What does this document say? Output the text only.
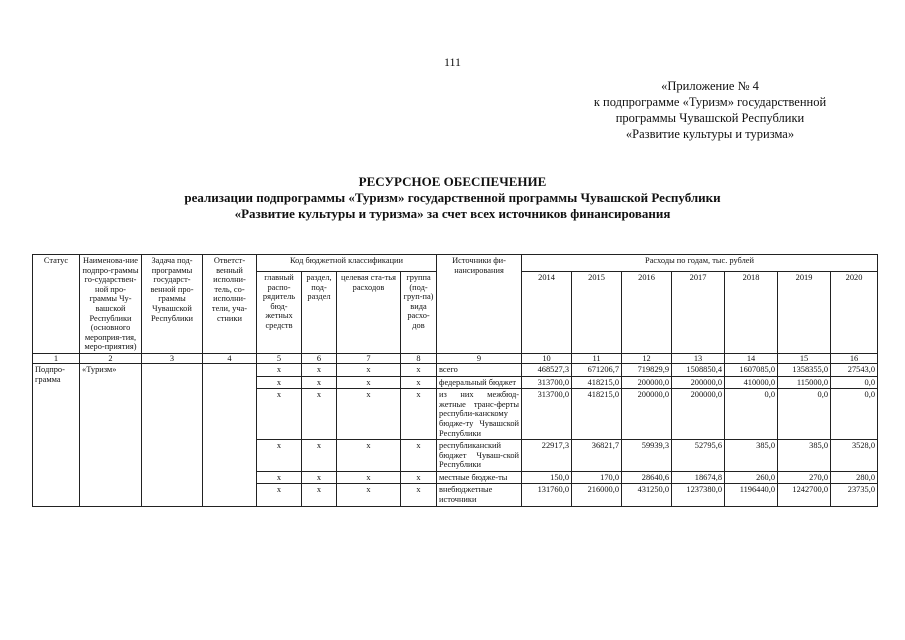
111
«Приложение № 4
к подпрограмме «Туризм» государственной
программы Чувашской Республики
«Развитие культуры и туризма»
РЕСУРСНОЕ ОБЕСПЕЧЕНИЕ
реализации подпрограммы «Туризм» государственной программы Чувашской Республики
«Развитие культуры и туризма» за счет всех источников финансирования
Статус	Наименова-ние подпро-граммы го-сударствен-ной про-граммы Чу-вашской Республики (основного мероприя-тия, меро-приятия)	Задача под-программы государст-венной про-граммы Чувашской Республики	Ответст-венный исполни-тель, со-исполни-тели, уча-стники	Код бюджетной классификации				Источники фи-нансирования	Расходы по годам, тыс. рублей						
				главный распо-рядитель бюд-жетных средств	раздел, под-раздел	целевая ста-тья расходов	группа (под-груп-па) вида расхо-дов		2014	2015	2016	2017	2018	2019	2020
1	2	3	4	5	6	7	8	9	10	11	12	13	14	15	16
Подпро-грамма	«Туризм»			х	х	х	х	всего	468527,3	671206,7	719829,9	1508850,4	1607085,0	1358355,0	27543,0
				х	х	х	х	федеральный бюджет	313700,0	418215,0	200000,0	200000,0	410000,0	115000,0	0,0
				х	х	х	х	из них межбюд-жетные транс-ферты республи-канскому бюдже-ту Чувашской Республики	313700,0	418215,0	200000,0	200000,0	0,0	0,0	0,0
				х	х	х	х	республиканский бюджет Чуваш-ской Республики	22917,3	36821,7	59939,3	52795,6	385,0	385,0	3528,0
				х	х	х	х	местные бюдже-ты	150,0	170,0	28640,6	18674,8	260,0	270,0	280,0
				х	х	х	х	внебюджетные источники	131760,0	216000,0	431250,0	1237380,0	1196440,0	1242700,0	23735,0
